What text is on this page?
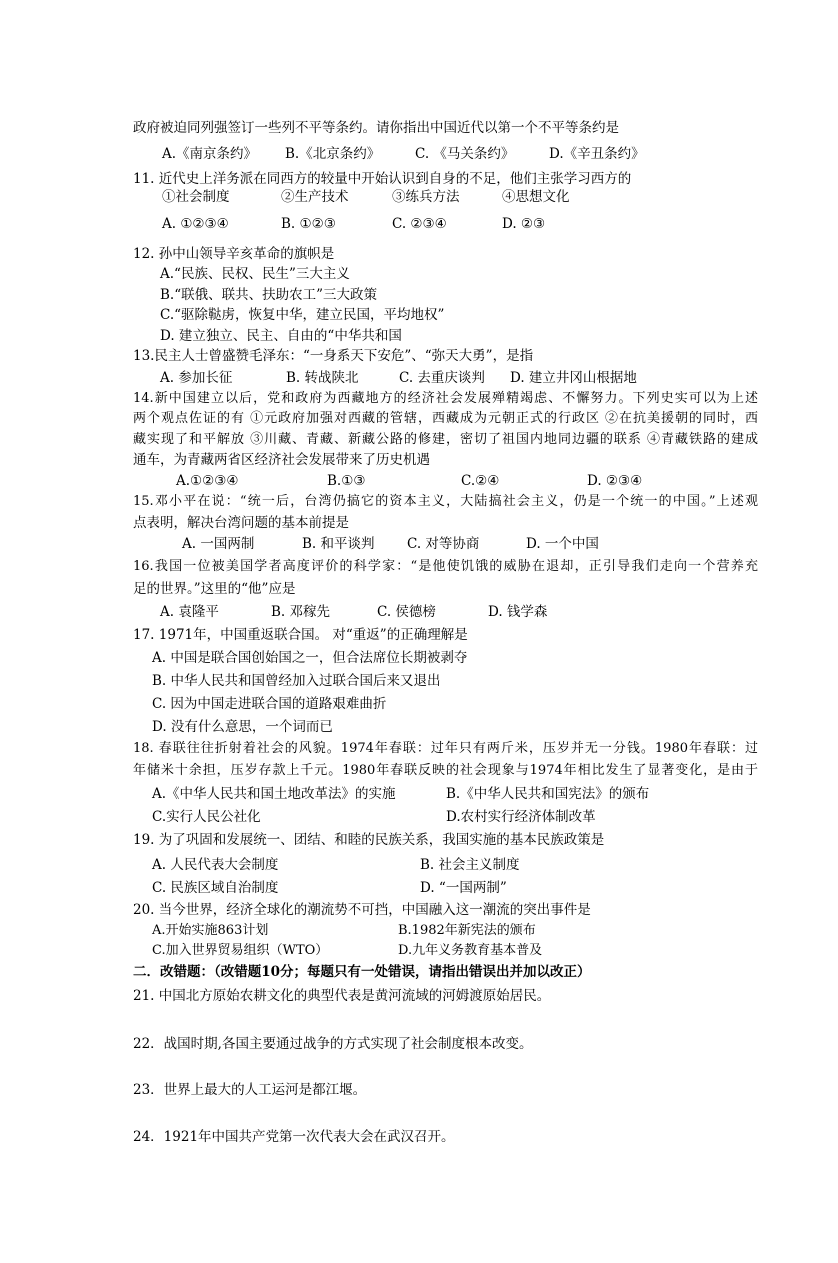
政府被迫同列强签订一些列不平等条约。请你指出中国近代以第一个不平等条约是
A.《南京条约》 B.《北京条约》	C. 《马关条约》	D.《辛丑条约》
11. 近代史上洋务派在同西方的较量中开始认识到自身的不足，他们主张学习西方的
①社会制度	②生产技术	③练兵方法	④思想文化
A. ①②③④	B. ①②③	C. ②③④	D. ②③
12. 孙中山领导辛亥革命的旗帜是
A.“民族、民权、民生”三大主义
B.“联俄、联共、扶助农工”三大政策
C.“驱除鞑虏，恢复中华，建立民国，平均地权”
D. 建立独立、民主、自由的“中华共和国
13.民主人士曾盛赞毛泽东：“一身系天下安危”、“弥天大勇”，是指
A. 参加长征	B. 转战陕北	C. 去重庆谈判 D. 建立井冈山根据地
14.新中国建立以后，党和政府为西藏地方的经济社会发展殚精竭虑、不懈努力。下列史实可以为上述
两个观点佐证的有 ①元政府加强对西藏的管辖，西藏成为元朝正式的行政区 ②在抗美援朝的同时，西
藏实现了和平解放 ③川藏、青藏、新藏公路的修建，密切了祖国内地同边疆的联系 ④青藏铁路的建成
通车，为青藏两省区经济社会发展带来了历史机遇
A.①②③④	B.①③	C.②④	D. ②③④
15.邓小平在说：“统一后，台湾仍搞它的资本主义，大陆搞社会主义，仍是一个统一的中国。”上述观
点表明，解决台湾问题的基本前提是
A. 一国两制	B. 和平谈判 C. 对等协商	D. 一个中国
16.我国一位被美国学者高度评价的科学家：“是他使饥饿的威胁在退却，正引导我们走向一个营养充
足的世界。”这里的“他”应是
A. 袁隆平	B. 邓稼先	C. 侯德榜	D. 钱学森
17. 1971年，中国重返联合国。 对“重返”的正确理解是
A. 中国是联合国创始国之一，但合法席位长期被剥夺
B. 中华人民共和国曾经加入过联合国后来又退出
C. 因为中国走进联合国的道路艰难曲折
D. 没有什么意思，一个词而已
18. 春联往往折射着社会的风貌。1974年春联：过年只有两斤米，压岁并无一分钱。1980年春联：过
年储米十余担，压岁存款上千元。1980年春联反映的社会现象与1974年相比发生了显著变化，是由于
A.《中华人民共和国土地改革法》的实施	B.《中华人民共和国宪法》的颁布
C.实行人民公社化	D.农村实行经济体制改革
19. 为了巩固和发展统一、团结、和睦的民族关系，我国实施的基本民族政策是
A. 人民代表大会制度	B. 社会主义制度
C. 民族区域自治制度	D. “一国两制”
20. 当今世界，经济全球化的潮流势不可挡，中国融入这一潮流的突出事件是
A.开始实施863计划	B.1982年新宪法的颁布
C.加入世界贸易组织（WTO）	D.九年义务教育基本普及
二．改错题：（改错题10分；每题只有一处错误，请指出错误出并加以改正）
21. 中国北方原始农耕文化的典型代表是黄河流域的河姆渡原始居民。
22．战国时期,各国主要通过战争的方式实现了社会制度根本改变。
23．世界上最大的人工运河是都江堰。
24．1921年中国共产党第一次代表大会在武汉召开。
